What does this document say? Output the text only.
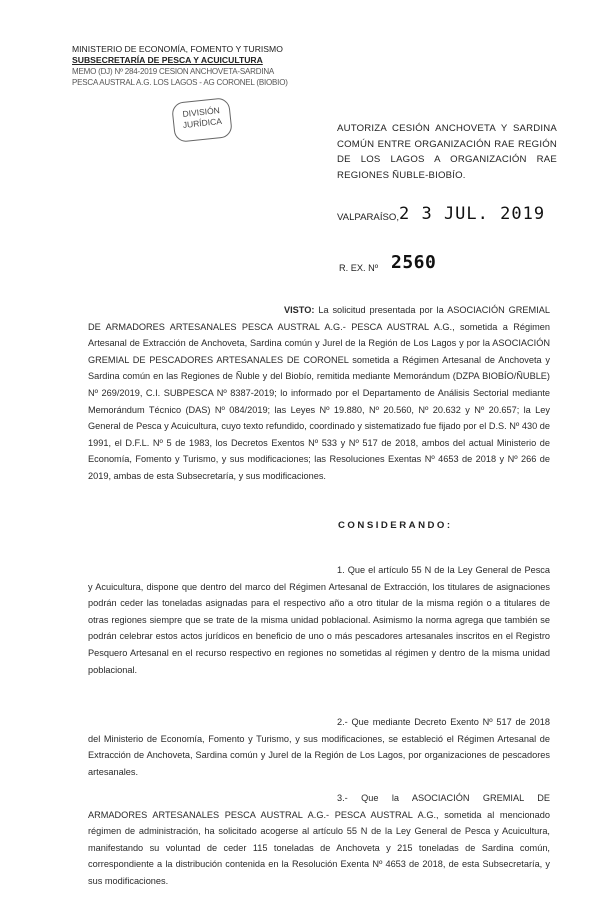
MINISTERIO DE ECONOMÍA, FOMENTO Y TURISMO
SUBSECRETARÍA DE PESCA Y ACUICULTURA
MEMO (DJ) Nº 284-2019 CESION ANCHOVETA-SARDINA
PESCA AUSTRAL A.G. LOS LAGOS - AG CORONEL (BIOBIO)
DIVISIÓN
JURÍDICA	AUTORIZA CESIÓN ANCHOVETA Y SARDINA COMÚN ENTRE ORGANIZACIÓN RAE REGIÓN DE LOS LAGOS A ORGANIZACIÓN RAE REGIONES ÑUBLE-BIOBÍO.
VALPARAÍSO, 2 3 JUL. 2019
R. EX. Nº 2560
VISTO: La solicitud presentada por la ASOCIACIÓN GREMIAL DE ARMADORES ARTESANALES PESCA AUSTRAL A.G.- PESCA AUSTRAL A.G., sometida a Régimen Artesanal de Extracción de Anchoveta, Sardina común y Jurel de la Región de Los Lagos y por la ASOCIACIÓN GREMIAL DE PESCADORES ARTESANALES DE CORONEL sometida a Régimen Artesanal de Anchoveta y Sardina común en las Regiones de Ñuble y del Biobío, remitida mediante Memorándum (DZPA BIOBÍO/ÑUBLE) Nº 269/2019, C.I. SUBPESCA Nº 8387-2019; lo informado por el Departamento de Análisis Sectorial mediante Memorándum Técnico (DAS) Nº 084/2019; las Leyes Nº 19.880, Nº 20.560, Nº 20.632 y Nº 20.657; la Ley General de Pesca y Acuicultura, cuyo texto refundido, coordinado y sistematizado fue fijado por el D.S. Nº 430 de 1991, el D.F.L. Nº 5 de 1983, los Decretos Exentos Nº 533 y Nº 517 de 2018, ambos del actual Ministerio de Economía, Fomento y Turismo, y sus modificaciones; las Resoluciones Exentas Nº 4653 de 2018 y Nº 266 de 2019, ambas de esta Subsecretaría, y sus modificaciones.
CONSIDERANDO:
1. Que el artículo 55 N de la Ley General de Pesca y Acuicultura, dispone que dentro del marco del Régimen Artesanal de Extracción, los titulares de asignaciones podrán ceder las toneladas asignadas para el respectivo año a otro titular de la misma región o a titulares de otras regiones siempre que se trate de la misma unidad poblacional. Asimismo la norma agrega que también se podrán celebrar estos actos jurídicos en beneficio de uno o más pescadores artesanales inscritos en el Registro Pesquero Artesanal en el recurso respectivo en regiones no sometidas al régimen y dentro de la misma unidad poblacional.
2.- Que mediante Decreto Exento Nº 517 de 2018 del Ministerio de Economía, Fomento y Turismo, y sus modificaciones, se estableció el Régimen Artesanal de Extracción de Anchoveta, Sardina común y Jurel de la Región de Los Lagos, por organizaciones de pescadores artesanales.
3.- Que la ASOCIACIÓN GREMIAL DE ARMADORES ARTESANALES PESCA AUSTRAL A.G.- PESCA AUSTRAL A.G., sometida al mencionado régimen de administración, ha solicitado acogerse al artículo 55 N de la Ley General de Pesca y Acuicultura, manifestando su voluntad de ceder 115 toneladas de Anchoveta y 215 toneladas de Sardina común, correspondiente a la distribución contenida en la Resolución Exenta Nº 4653 de 2018, de esta Subsecretaría, y sus modificaciones.
